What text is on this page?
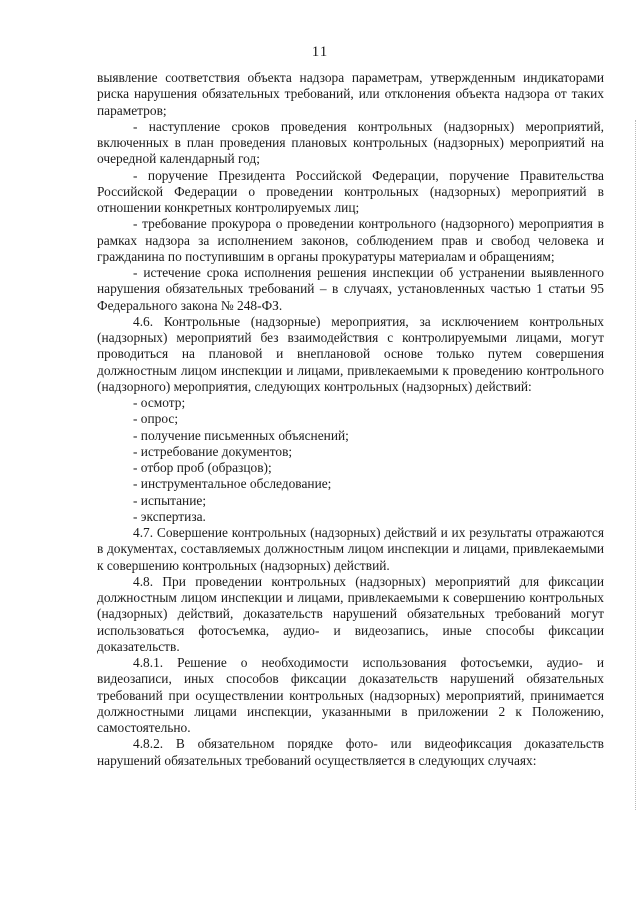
11

выявление соответствия объекта надзора параметрам, утвержденным индикаторами риска нарушения обязательных требований, или отклонения объекта надзора от таких параметров;

- наступление сроков проведения контрольных (надзорных) мероприятий, включенных в план проведения плановых контрольных (надзорных) мероприятий на очередной календарный год;

- поручение Президента Российской Федерации, поручение Правительства Российской Федерации о проведении контрольных (надзорных) мероприятий в отношении конкретных контролируемых лиц;

- требование прокурора о проведении контрольного (надзорного) мероприятия в рамках надзора за исполнением законов, соблюдением прав и свобод человека и гражданина по поступившим в органы прокуратуры материалам и обращениям;

- истечение срока исполнения решения инспекции об устранении выявленного нарушения обязательных требований – в случаях, установленных частью 1 статьи 95 Федерального закона № 248-ФЗ.

4.6. Контрольные (надзорные) мероприятия, за исключением контрольных (надзорных) мероприятий без взаимодействия с контролируемыми лицами, могут проводиться на плановой и внеплановой основе только путем совершения должностным лицом инспекции и лицами, привлекаемыми к проведению контрольного (надзорного) мероприятия, следующих контрольных (надзорных) действий:

- осмотр;

- опрос;

- получение письменных объяснений;

- истребование документов;

- отбор проб (образцов);

- инструментальное обследование;

- испытание;

- экспертиза.

4.7. Совершение контрольных (надзорных) действий и их результаты отражаются в документах, составляемых должностным лицом инспекции и лицами, привлекаемыми к совершению контрольных (надзорных) действий.

4.8. При проведении контрольных (надзорных) мероприятий для фиксации должностным лицом инспекции и лицами, привлекаемыми к совершению контрольных (надзорных) действий, доказательств нарушений обязательных требований могут использоваться фотосъемка, аудио- и видеозапись, иные способы фиксации доказательств.

4.8.1. Решение о необходимости использования фотосъемки, аудио- и видеозаписи, иных способов фиксации доказательств нарушений обязательных требований при осуществлении контрольных (надзорных) мероприятий, принимается должностными лицами инспекции, указанными в приложении 2 к Положению, самостоятельно.

4.8.2. В обязательном порядке фото- или видеофиксация доказательств нарушений обязательных требований осуществляется в следующих случаях:
